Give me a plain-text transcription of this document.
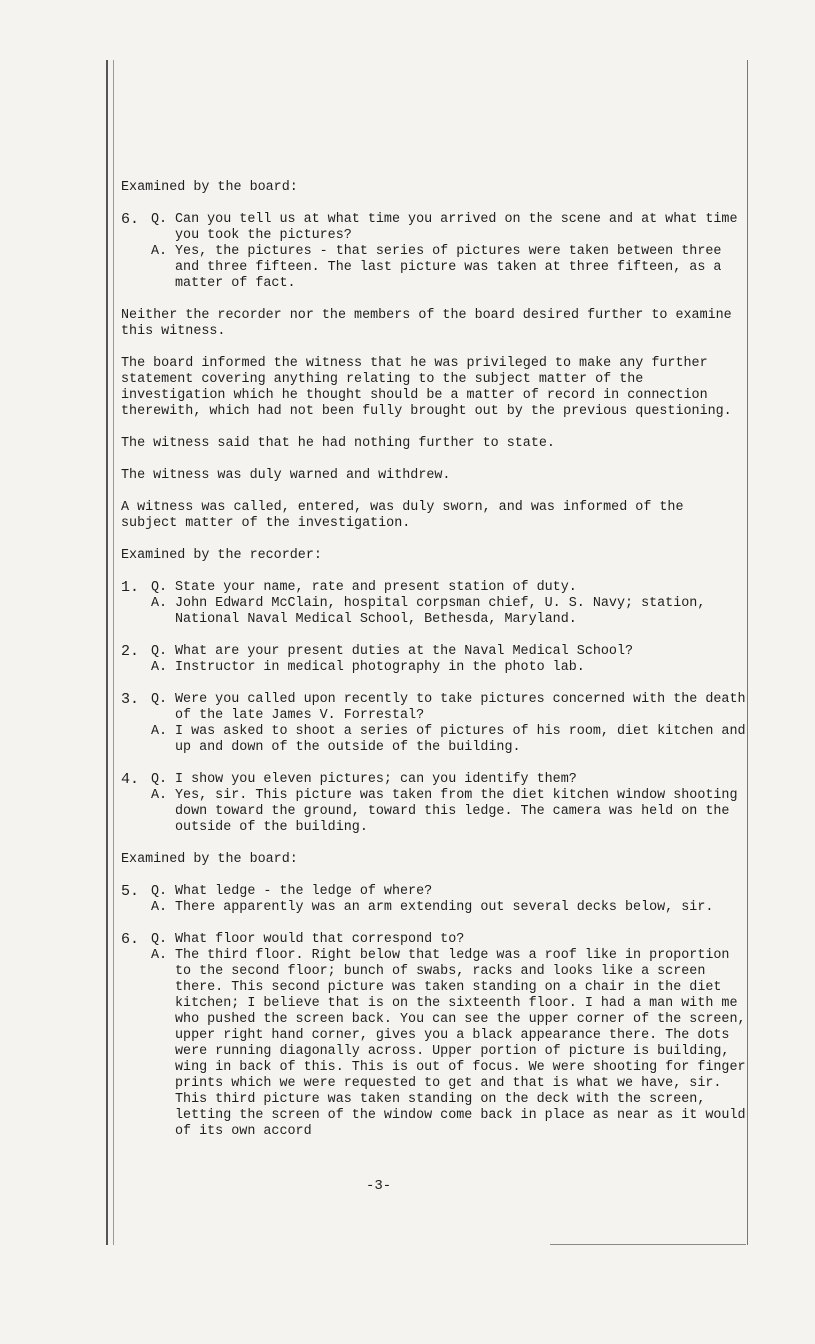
Examined by the board:

6. Q. Can you tell us at what time you arrived on the scene and at what time you took the pictures?
A. Yes, the pictures - that series of pictures were taken between three and three fifteen. The last picture was taken at three fifteen, as a matter of fact.

Neither the recorder nor the members of the board desired further to examine this witness.

The board informed the witness that he was privileged to make any further statement covering anything relating to the subject matter of the investigation which he thought should be a matter of record in connection therewith, which had not been fully brought out by the previous questioning.

The witness said that he had nothing further to state.

The witness was duly warned and withdrew.

A witness was called, entered, was duly sworn, and was informed of the subject matter of the investigation.

Examined by the recorder:

1. Q. State your name, rate and present station of duty.
A. John Edward McClain, hospital corpsman chief, U. S. Navy; station, National Naval Medical School, Bethesda, Maryland.
2. Q. What are your present duties at the Naval Medical School?
A. Instructor in medical photography in the photo lab.
3. Q. Were you called upon recently to take pictures concerned with the death of the late James V. Forrestal?
A. I was asked to shoot a series of pictures of his room, diet kitchen and up and down of the outside of the building.
4. Q. I show you eleven pictures; can you identify them?
A. Yes, sir. This picture was taken from the diet kitchen window shooting down toward the ground, toward this ledge. The camera was held on the outside of the building.

Examined by the board:

5. Q. What ledge - the ledge of where?
A. There apparently was an arm extending out several decks below, sir.
6. Q. What floor would that correspond to?
A. The third floor. Right below that ledge was a roof like in proportion to the second floor; bunch of swabs, racks and looks like a screen there. This second picture was taken standing on a chair in the diet kitchen; I believe that is on the sixteenth floor. I had a man with me who pushed the screen back. You can see the upper corner of the screen, upper right hand corner, gives you a black appearance there. The dots were running diagonally across. Upper portion of picture is building, wing in back of this. This is out of focus. We were shooting for finger prints which we were requested to get and that is what we have, sir. This third picture was taken standing on the deck with the screen, letting the screen of the window come back in place as near as it would of its own accord
-3-
